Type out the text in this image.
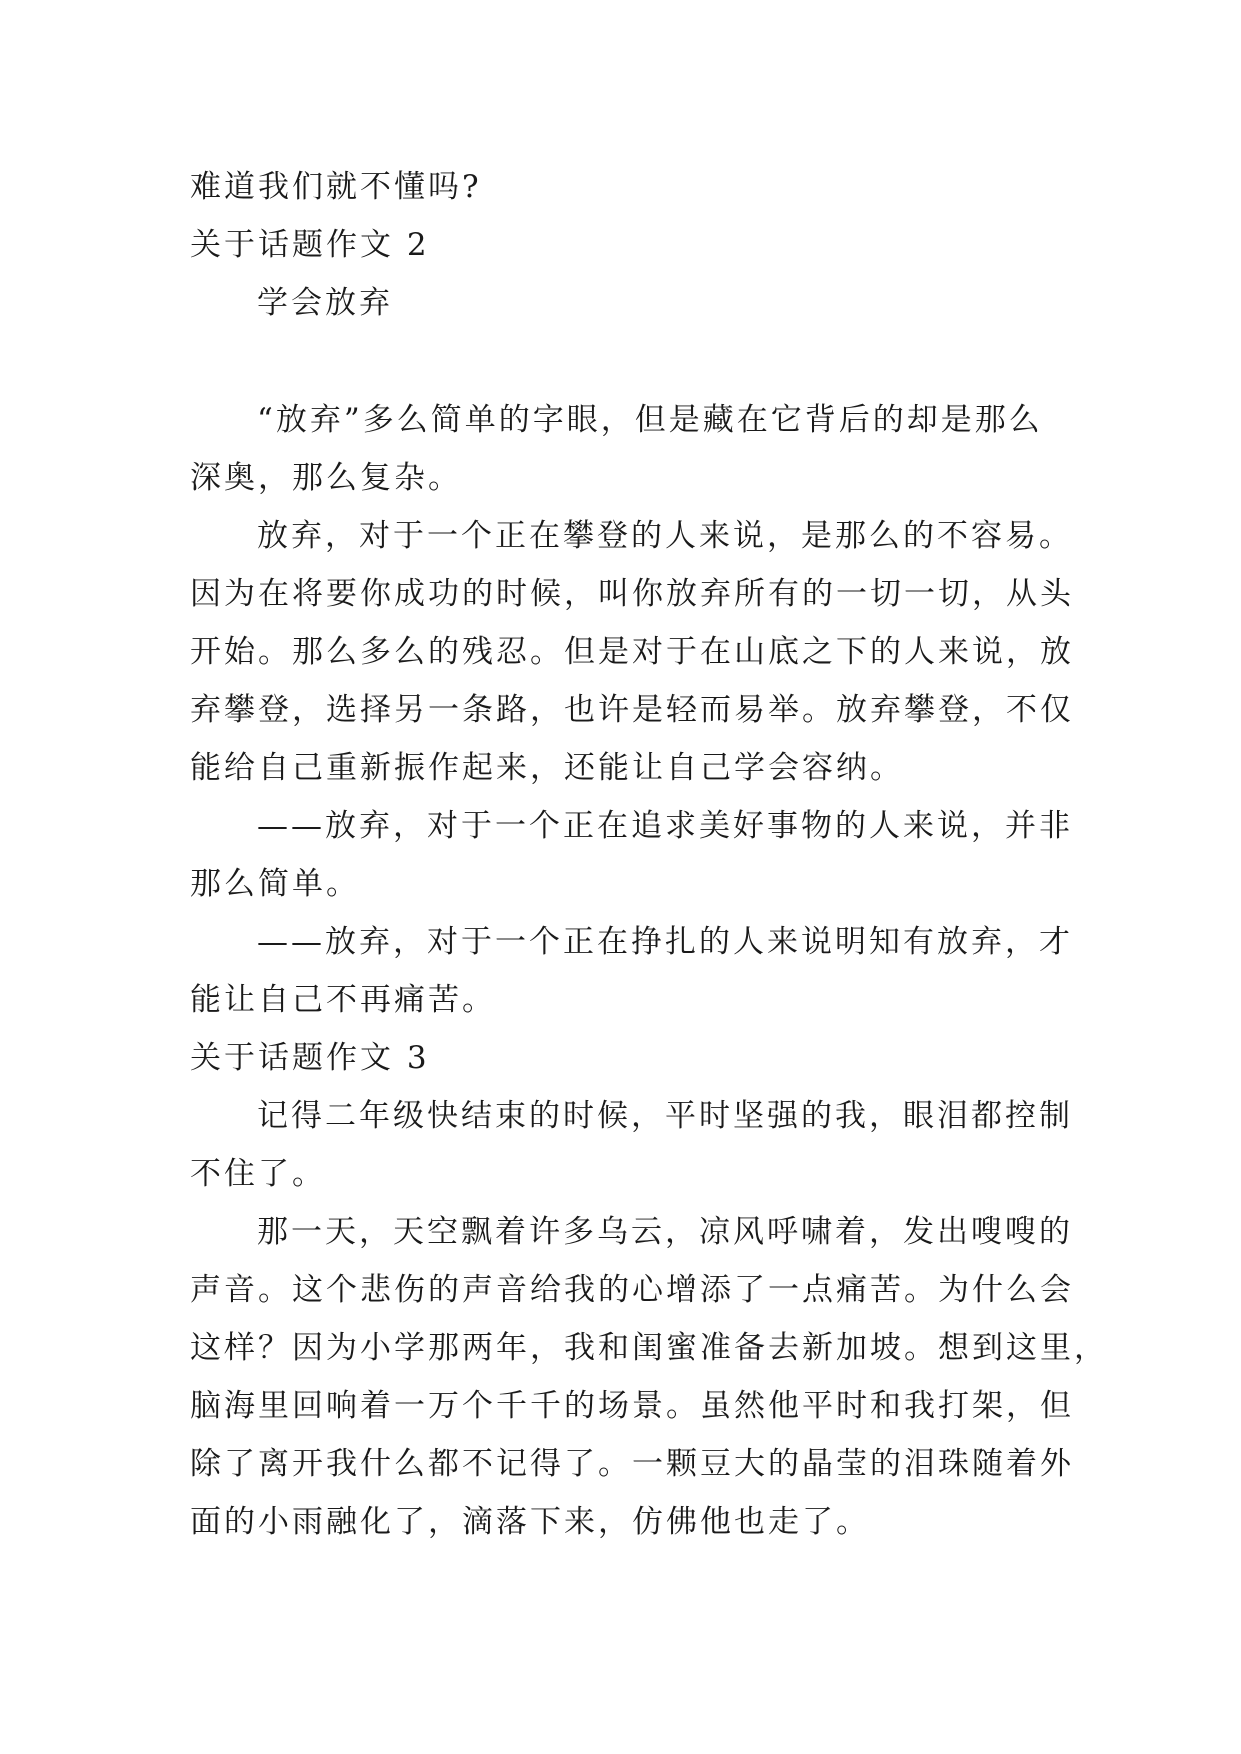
难道我们就不懂吗?
关于话题作文 2
学会放弃
“放弃”多么简单的字眼，但是藏在它背后的却是那么
深奥，那么复杂。
放弃，对于一个正在攀登的人来说，是那么的不容易。
因为在将要你成功的时候，叫你放弃所有的一切一切，从头
开始。那么多么的残忍。但是对于在山底之下的人来说，放
弃攀登，选择另一条路，也许是轻而易举。放弃攀登，不仅
能给自己重新振作起来，还能让自己学会容纳。
——放弃，对于一个正在追求美好事物的人来说，并非
那么简单。
——放弃，对于一个正在挣扎的人来说明知有放弃，才
能让自己不再痛苦。
关于话题作文 3
记得二年级快结束的时候，平时坚强的我，眼泪都控制
不住了。
那一天，天空飘着许多乌云，凉风呼啸着，发出嗖嗖的
声音。这个悲伤的声音给我的心增添了一点痛苦。为什么会
这样？因为小学那两年，我和闺蜜准备去新加坡。想到这里，
脑海里回响着一万个千千的场景。虽然他平时和我打架，但
除了离开我什么都不记得了。一颗豆大的晶莹的泪珠随着外
面的小雨融化了，滴落下来，仿佛他也走了。
